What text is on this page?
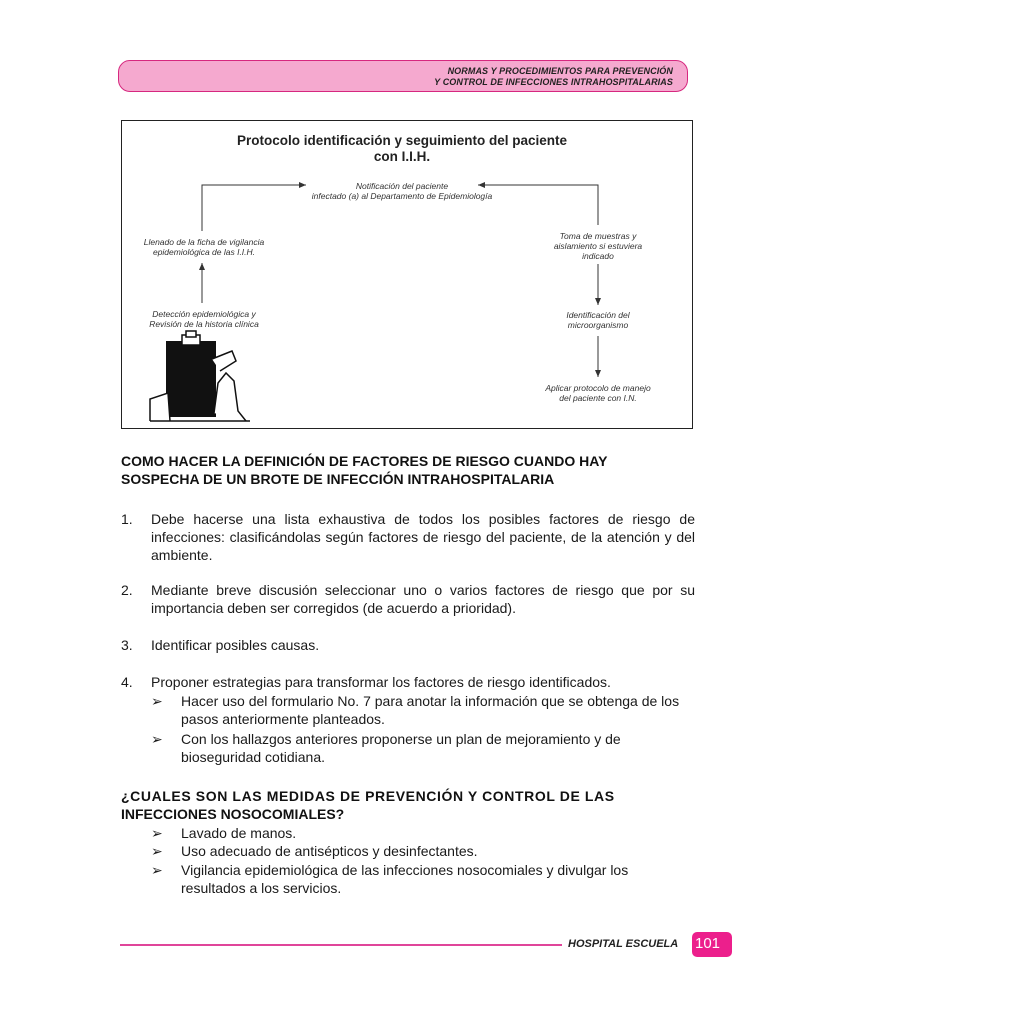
NORMAS Y PROCEDIMIENTOS PARA PREVENCIÓN
Y CONTROL DE INFECCIONES INTRAHOSPITALARIAS
Protocolo identificación y seguimiento del paciente
con I.I.H.
Notificación del paciente
infectado (a) al Departamento de Epidemiología
Llenado de la ficha de vigilancia
epidemiológica de las I.I.H.
Detección epidemiológica y
Revisión de la historia clínica
Toma de muestras y
aislamiento si estuviera
indicado
Identificación del
microorganismo
Aplicar protocolo de manejo
del paciente con I.N.
COMO HACER LA DEFINICIÓN DE FACTORES DE RIESGO CUANDO HAY
SOSPECHA DE UN BROTE DE INFECCIÓN INTRAHOSPITALARIA
1. Debe hacerse una lista exhaustiva de todos los posibles factores de riesgo de infecciones: clasificándolas según factores de riesgo del paciente, de la atención y del ambiente.
2. Mediante breve discusión seleccionar uno o varios factores de riesgo que por su importancia deben ser corregidos (de acuerdo a prioridad).
3. Identificar posibles causas.
4. Proponer estrategias para transformar los factores de riesgo identificados.
➢ Hacer uso del formulario No. 7 para anotar la información que se obtenga de los pasos anteriormente planteados.
➢ Con los hallazgos anteriores proponerse un plan de mejoramiento y de bioseguridad cotidiana.
¿CUALES SON LAS MEDIDAS DE PREVENCIÓN Y CONTROL DE LAS
INFECCIONES NOSOCOMIALES?
➢ Lavado de manos.
➢ Uso adecuado de antisépticos y desinfectantes.
➢ Vigilancia epidemiológica de las infecciones nosocomiales y divulgar los resultados a los servicios.
HOSPITAL ESCUELA 101
